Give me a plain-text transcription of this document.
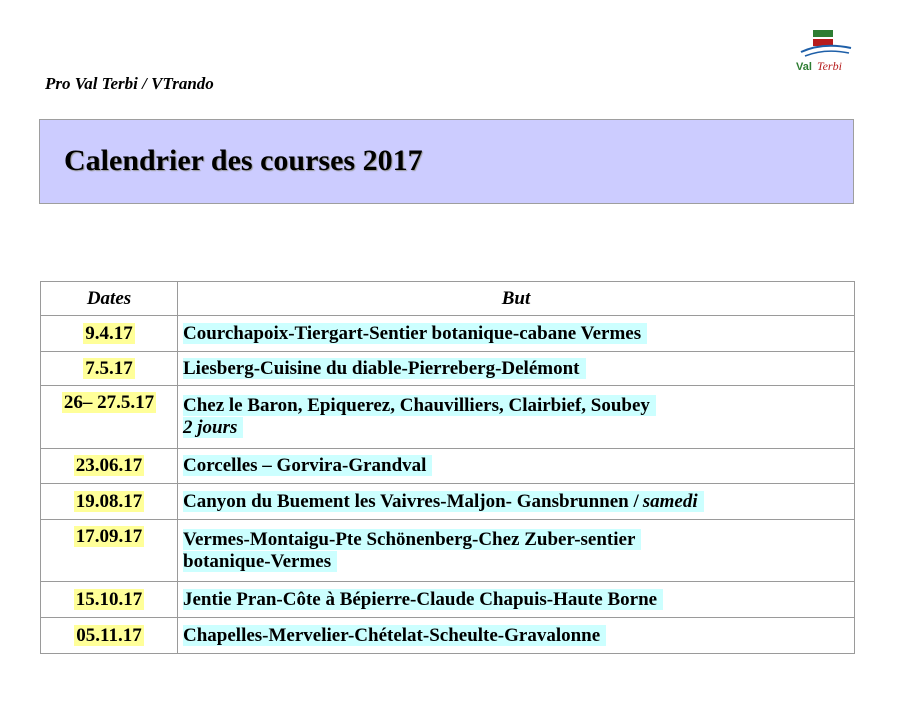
Val Terbi
Pro Val Terbi / VTrando
Calendrier des courses 2017
Dates	But
9.4.17	Courchapoix-Tiergart-Sentier botanique-cabane Vermes

7.5.17	Liesberg-Cuisine du diable-Pierreberg-Delémont

26– 27.5.17	Chez le Baron, Epiquerez, Chauvilliers, Clairbief, Soubey
2 jours

23.06.17	Corcelles – Gorvira-Grandval

19.08.17	Canyon du Buement les Vaivres-Maljon- Gansbrunnen / samedi

17.09.17	Vermes-Montaigu-Pte Schönenberg-Chez Zuber-sentier
botanique-Vermes

15.10.17	Jentie Pran-Côte à Bépierre-Claude Chapuis-Haute Borne

05.11.17	Chapelles-Mervelier-Chételat-Scheulte-Gravalonne
